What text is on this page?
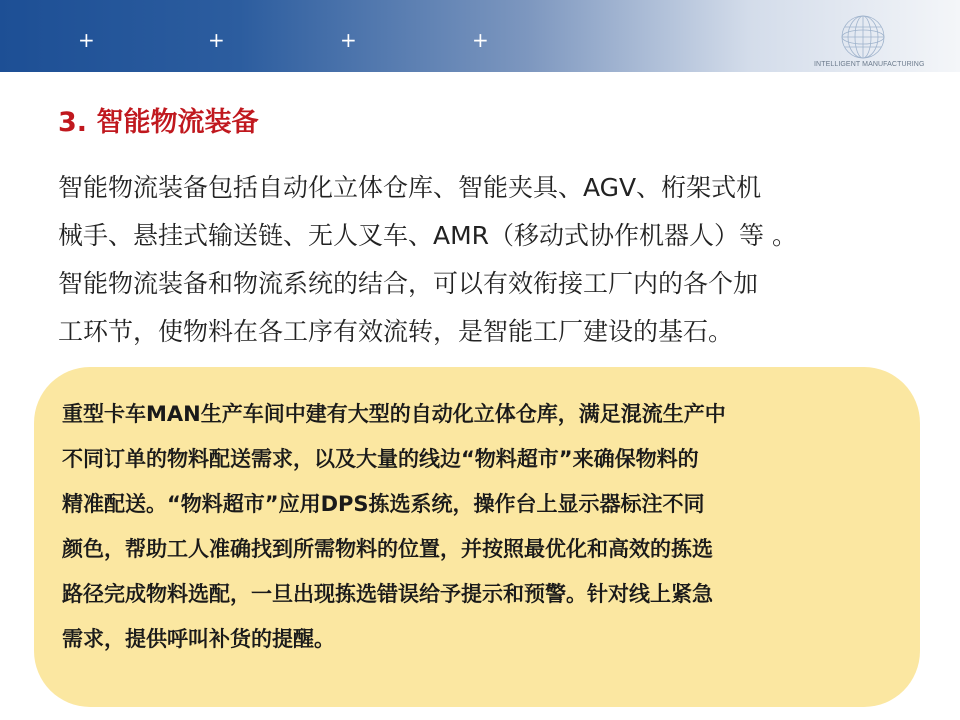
+	+	+	+
INTELLIGENT MANUFACTURING
3. 智能物流装备
智能物流装备包括自动化立体仓库、智能夹具、AGV、桁架式机
械手、悬挂式输送链、无人叉车、AMR（移动式协作机器人）等 。
智能物流装备和物流系统的结合，可以有效衔接工厂内的各个加
工环节，使物料在各工序有效流转，是智能工厂建设的基石。
重型卡车MAN生产车间中建有大型的自动化立体仓库，满足混流生产中
不同订单的物料配送需求，以及大量的线边“物料超市”来确保物料的
精准配送。“物料超市”应用DPS拣选系统，操作台上显示器标注不同
颜色，帮助工人准确找到所需物料的位置，并按照最优化和高效的拣选
路径完成物料选配，一旦出现拣选错误给予提示和预警。针对线上紧急
需求，提供呼叫补货的提醒。
